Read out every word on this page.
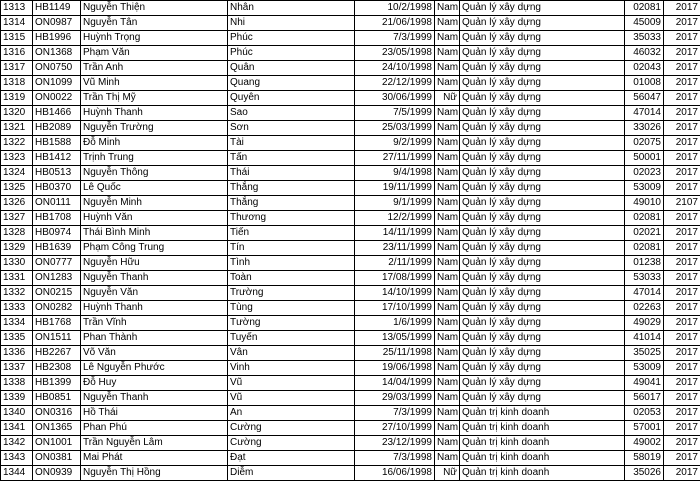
1313	HB1149	Nguyễn Thiện	Nhân	10/2/1998	Nam	Quản lý xây dựng	02081	2017
1314	ON0987	Nguyễn Tân	Nhi	21/06/1998	Nam	Quản lý xây dựng	45009	2017
1315	HB1996	Huỳnh Trọng	Phúc	7/3/1999	Nam	Quản lý xây dựng	35033	2017
1316	ON1368	Phạm Văn	Phúc	23/05/1998	Nam	Quản lý xây dựng	46032	2017
1317	ON0750	Trần Anh	Quân	24/10/1998	Nam	Quản lý xây dựng	02043	2017
1318	ON1099	Vũ Minh	Quang	22/12/1999	Nam	Quản lý xây dựng	01008	2017
1319	ON0022	Trần Thị Mỹ	Quyên	30/06/1999	Nữ	Quản lý xây dựng	56047	2017
1320	HB1466	Huỳnh Thanh	Sao	7/5/1999	Nam	Quản lý xây dựng	47014	2017
1321	HB2089	Nguyễn Trường	Sơn	25/03/1999	Nam	Quản lý xây dựng	33026	2017
1322	HB1588	Đỗ Minh	Tài	9/2/1999	Nam	Quản lý xây dựng	02075	2017
1323	HB1412	Trịnh Trung	Tấn	27/11/1999	Nam	Quản lý xây dựng	50001	2017
1324	HB0513	Nguyễn Thông	Thái	9/4/1998	Nam	Quản lý xây dựng	02023	2017
1325	HB0370	Lê Quốc	Thắng	19/11/1999	Nam	Quản lý xây dựng	53009	2017
1326	ON0111	Nguyễn Minh	Thắng	9/1/1999	Nam	Quản lý xây dựng	49010	2107
1327	HB1708	Huỳnh Văn	Thương	12/2/1999	Nam	Quản lý xây dựng	02081	2017
1328	HB0974	Thái Bình Minh	Tiến	14/11/1999	Nam	Quản lý xây dựng	02021	2017
1329	HB1639	Phạm Công Trung	Tín	23/11/1999	Nam	Quản lý xây dựng	02081	2017
1330	ON0777	Nguyễn Hữu	Tình	2/11/1999	Nam	Quản lý xây dựng	01238	2017
1331	ON1283	Nguyễn Thanh	Toàn	17/08/1999	Nam	Quản lý xây dựng	53033	2017
1332	ON0215	Nguyễn Văn	Trường	14/10/1999	Nam	Quản lý xây dựng	47014	2017
1333	ON0282	Huỳnh Thanh	Tùng	17/10/1999	Nam	Quản lý xây dựng	02263	2017
1334	HB1768	Trần Vĩnh	Tường	1/6/1999	Nam	Quản lý xây dựng	49029	2017
1335	ON1511	Phan Thành	Tuyến	13/05/1999	Nam	Quản lý xây dựng	41014	2017
1336	HB2267	Võ Văn	Vân	25/11/1998	Nam	Quản lý xây dựng	35025	2017
1337	HB2308	Lê Nguyễn Phước	Vinh	19/06/1998	Nam	Quản lý xây dựng	53009	2017
1338	HB1399	Đỗ Huy	Vũ	14/04/1999	Nam	Quản lý xây dựng	49041	2017
1339	HB0851	Nguyễn Thanh	Vũ	29/03/1999	Nam	Quản lý xây dựng	56017	2017
1340	ON0316	Hồ Thái	An	7/3/1999	Nam	Quản trị kinh doanh	02053	2017
1341	ON1365	Phan Phú	Cường	27/10/1999	Nam	Quản trị kinh doanh	57001	2017
1342	ON1001	Trần Nguyễn Lâm	Cường	23/12/1999	Nam	Quản trị kinh doanh	49002	2017
1343	ON0381	Mai Phát	Đạt	7/3/1998	Nam	Quản trị kinh doanh	58019	2017
1344	ON0939	Nguyễn Thị Hồng	Diễm	16/06/1998	Nữ	Quản trị kinh doanh	35026	2017
